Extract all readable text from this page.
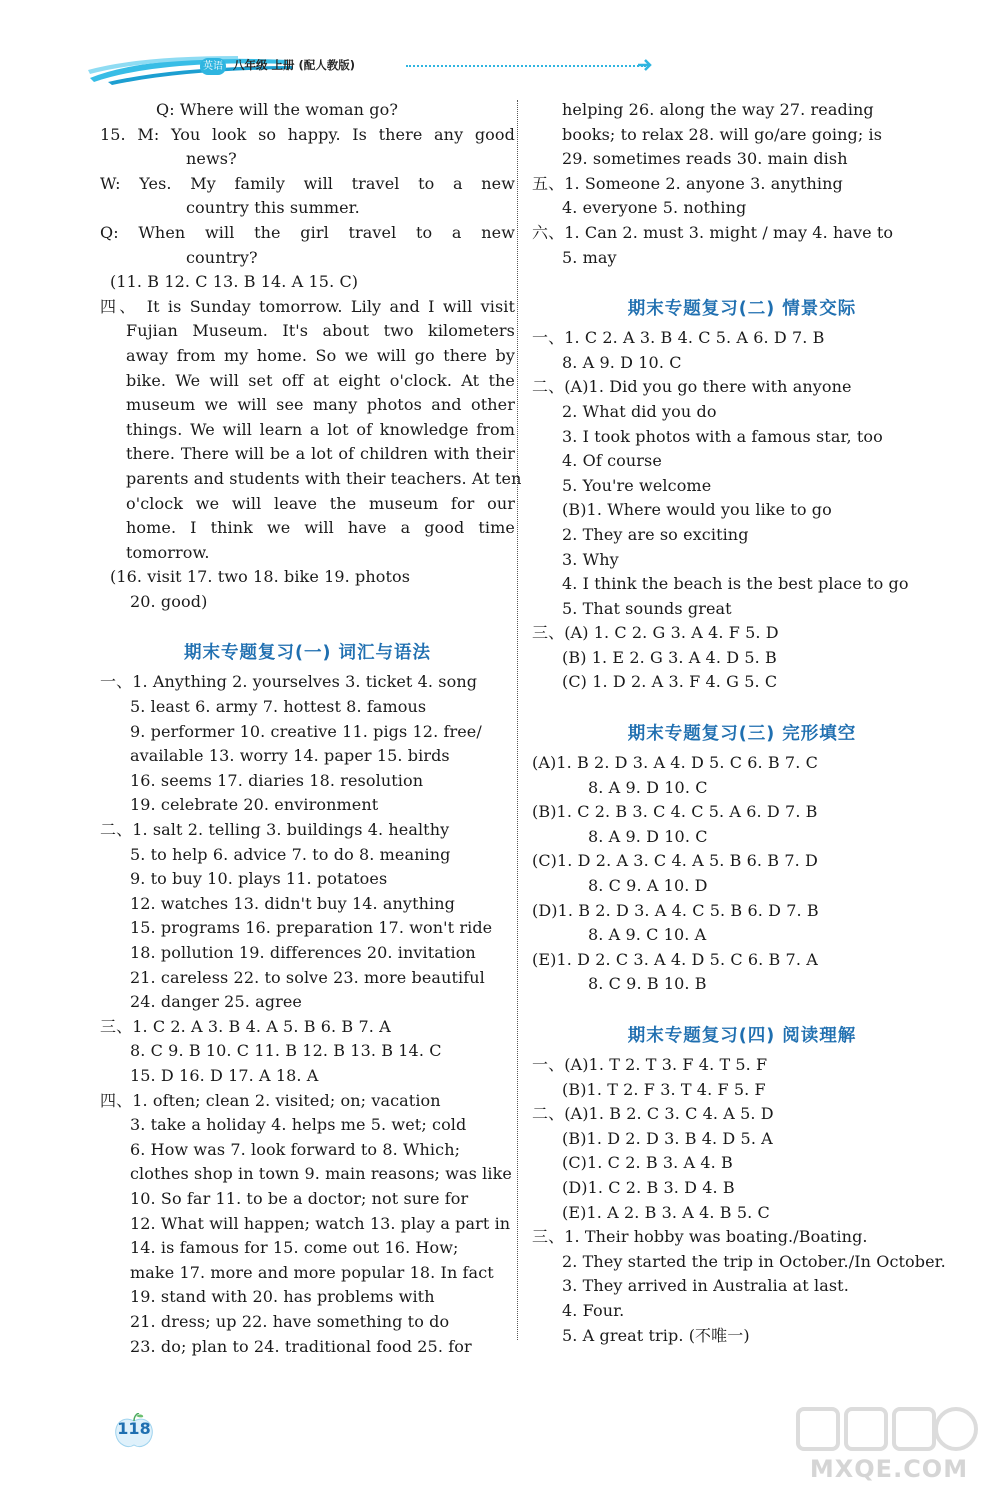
英语 八年级 上册 (配人教版)
Q: Where will the woman go?
15. M: You look so happy. Is there any good
news?
W: Yes. My family will travel to a new
country this summer.
Q: When will the girl travel to a new
country?
(11. B 12. C 13. B 14. A 15. C)
四、 It is Sunday tomorrow. Lily and I will visit
Fujian Museum. It's about two kilometers
away from my home. So we will go there by
bike. We will set off at eight o'clock. At the
museum we will see many photos and other
things. We will learn a lot of knowledge from
there. There will be a lot of children with their
parents and students with their teachers. At ten
o'clock we will leave the museum for our
home. I think we will have a good time
tomorrow.
(16. visit 17. two 18. bike 19. photos
20. good)
期末专题复习(一) 词汇与语法
一、1. Anything 2. yourselves 3. ticket 4. song
5. least 6. army 7. hottest 8. famous
9. performer 10. creative 11. pigs 12. free/
available 13. worry 14. paper 15. birds
16. seems 17. diaries 18. resolution
19. celebrate 20. environment
二、1. salt 2. telling 3. buildings 4. healthy
5. to help 6. advice 7. to do 8. meaning
9. to buy 10. plays 11. potatoes
12. watches 13. didn't buy 14. anything
15. programs 16. preparation 17. won't ride
18. pollution 19. differences 20. invitation
21. careless 22. to solve 23. more beautiful
24. danger 25. agree
三、1. C 2. A 3. B 4. A 5. B 6. B 7. A
8. C 9. B 10. C 11. B 12. B 13. B 14. C
15. D 16. D 17. A 18. A
四、1. often; clean 2. visited; on; vacation
3. take a holiday 4. helps me 5. wet; cold
6. How was 7. look forward to 8. Which;
clothes shop in town 9. main reasons; was like
10. So far 11. to be a doctor; not sure for
12. What will happen; watch 13. play a part in
14. is famous for 15. come out 16. How;
make 17. more and more popular 18. In fact
19. stand with 20. has problems with
21. dress; up 22. have something to do
23. do; plan to 24. traditional food 25. for
helping 26. along the way 27. reading
books; to relax 28. will go/are going; is
29. sometimes reads 30. main dish
五、1. Someone 2. anyone 3. anything
4. everyone 5. nothing
六、1. Can 2. must 3. might / may 4. have to
5. may
期末专题复习(二) 情景交际
一、1. C 2. A 3. B 4. C 5. A 6. D 7. B
8. A 9. D 10. C
二、(A)1. Did you go there with anyone
2. What did you do
3. I took photos with a famous star, too
4. Of course
5. You're welcome
(B)1. Where would you like to go
2. They are so exciting
3. Why
4. I think the beach is the best place to go
5. That sounds great
三、(A) 1. C 2. G 3. A 4. F 5. D
(B) 1. E 2. G 3. A 4. D 5. B
(C) 1. D 2. A 3. F 4. G 5. C
期末专题复习(三) 完形填空
(A)1. B 2. D 3. A 4. D 5. C 6. B 7. C
8. A 9. D 10. C
(B)1. C 2. B 3. C 4. C 5. A 6. D 7. B
8. A 9. D 10. C
(C)1. D 2. A 3. C 4. A 5. B 6. B 7. D
8. C 9. A 10. D
(D)1. B 2. D 3. A 4. C 5. B 6. D 7. B
8. A 9. C 10. A
(E)1. D 2. C 3. A 4. D 5. C 6. B 7. A
8. C 9. B 10. B
期末专题复习(四) 阅读理解
一、(A)1. T 2. T 3. F 4. T 5. F
(B)1. T 2. F 3. T 4. F 5. F
二、(A)1. B 2. C 3. C 4. A 5. D
(B)1. D 2. D 3. B 4. D 5. A
(C)1. C 2. B 3. A 4. B
(D)1. C 2. B 3. D 4. B
(E)1. A 2. B 3. A 4. B 5. C
三、1. Their hobby was boating./Boating.
2. They started the trip in October./In October.
3. They arrived in Australia at last.
4. Four.
5. A great trip. (不唯一)
118
MXQE.COM
